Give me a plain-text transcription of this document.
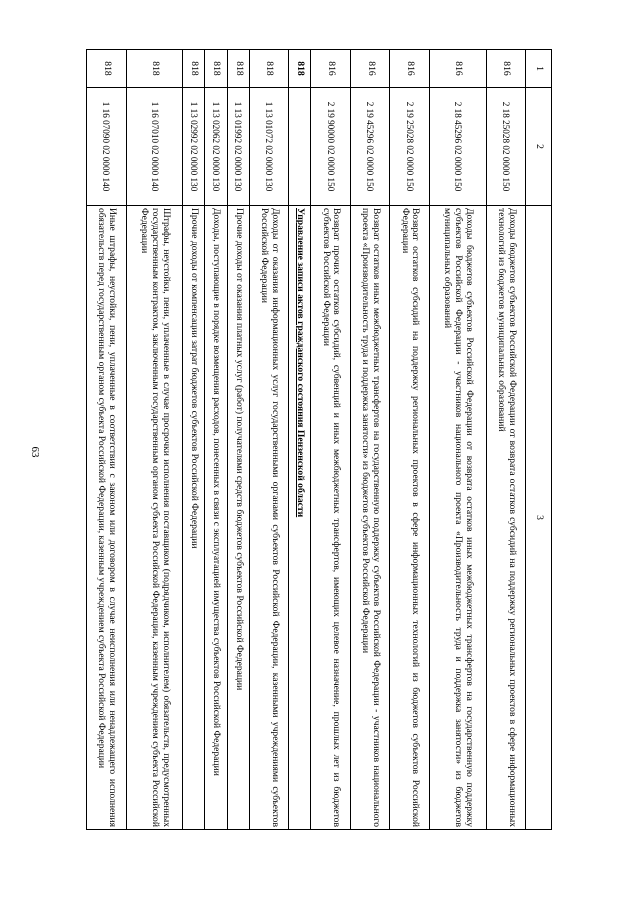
63
1	2	3
816	2 18 25028 02 0000 150	Доходы бюджетов субъектов Российской Федерации от возврата остатков субсидий на поддержку региональных проектов в сфере информационных технологий из бюджетов муниципальных образований
816	2 18 45296 02 0000 150	Доходы бюджетов субъектов Российской Федерации от возврата остатков иных межбюджетных трансфертов на государственную поддержку субъектов Российской Федерации - участников национального проекта «Производительность труда и поддержка занятости» из бюджетов муниципальных образований
816	2 19 25028 02 0000 150	Возврат остатков субсидий на поддержку региональных проектов в сфере информационных технологий из бюджетов субъектов Российской Федерации
816	2 19 45296 02 0000 150	Возврат остатков иных межбюджетных трансфертов на государственную поддержку субъектов Российской Федерации - участников национального проекта «Производительность труда и поддержка занятости» из бюджетов субъектов Российской Федерации
816	2 19 90000 02 0000 150	Возврат прочих остатков субсидий, субвенций и иных межбюджетных трансфертов, имеющих целевое назначение, прошлых лет из бюджетов субъектов Российской Федерации
818		Управление записи актов гражданского состояния Пензенской области
818	1 13 01072 02 0000 130	Доходы от оказания информационных услуг государственными органами субъектов Российской Федерации, казенными учреждениями субъектов Российской Федерации
818	1 13 01992 02 0000 130	Прочие доходы от оказания платных услуг (работ) получателями средств бюджетов субъектов Российской Федерации
818	1 13 02062 02 0000 130	Доходы, поступающие в порядке возмещения расходов, понесенных в связи с эксплуатацией имущества субъектов Российской Федерации
818	1 13 02992 02 0000 130	Прочие доходы от компенсации затрат бюджетов субъектов Российской Федерации
818	1 16 07010 02 0000 140	Штрафы, неустойки, пени, уплаченные в случае просрочки исполнения поставщиком (подрядчиком, исполнителем) обязательств, предусмотренных государственным контрактом, заключенным государственным органом субъекта Российской Федерации, казенным учреждением субъекта Российской Федерации
818	1 16 07090 02 0000 140	Иные штрафы, неустойки, пени, уплаченные в соответствии с законом или договором в случае неисполнения или ненадлежащего исполнения обязательств перед государственным органом субъекта Российской Федерации, казенным учреждением субъекта Российской Федерации
